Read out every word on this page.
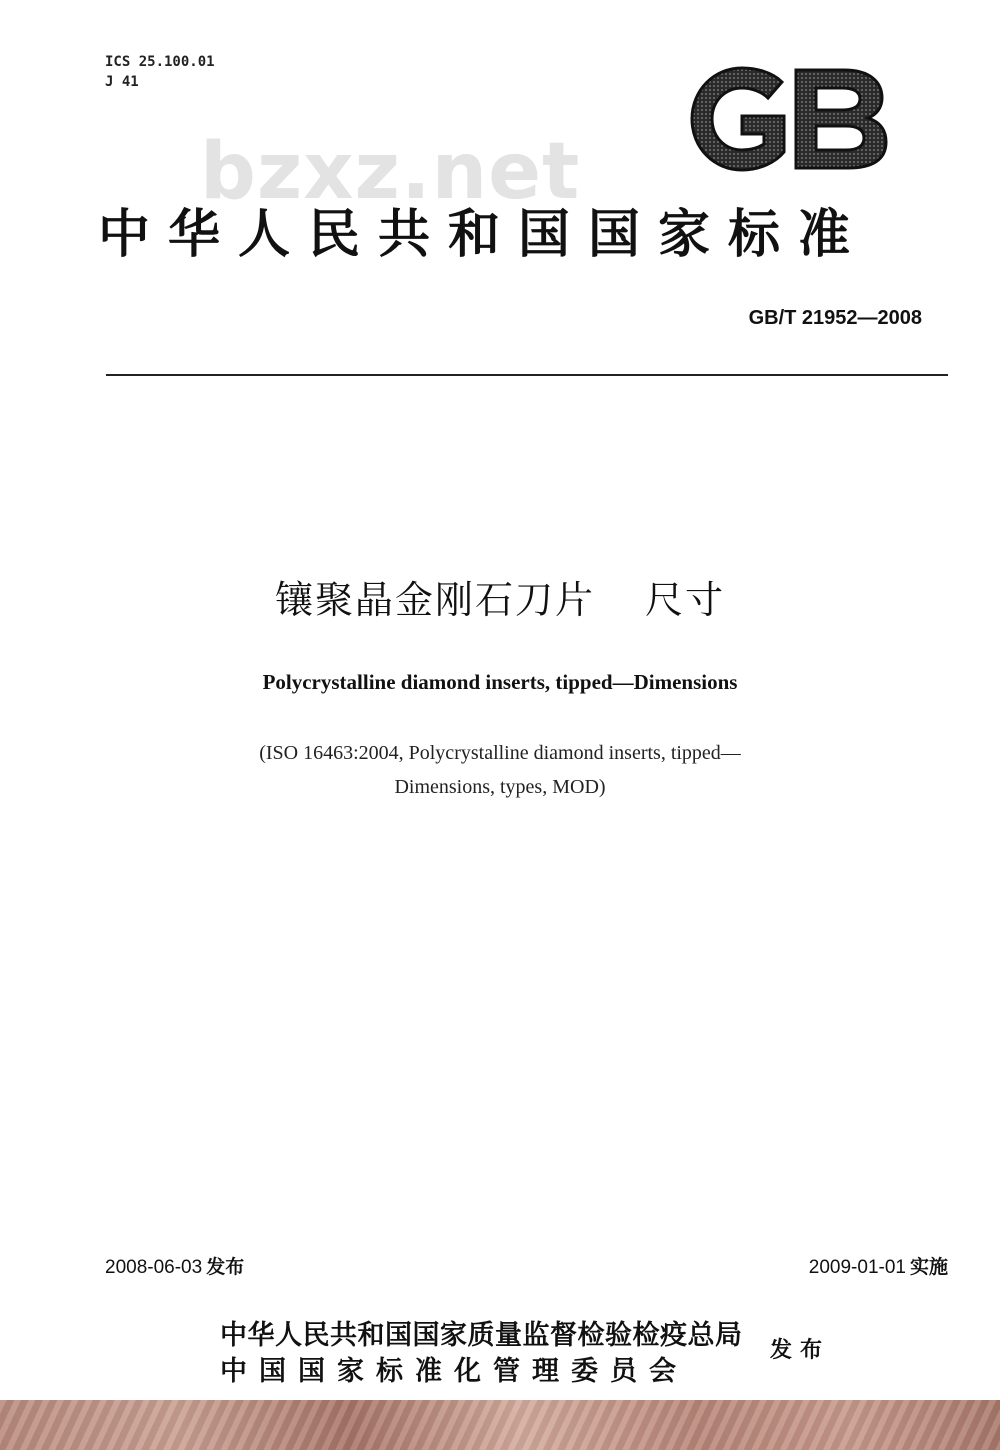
ICS 25.100.01
J 41
bzxz.net
中华人民共和国国家标准
GB/T 21952—2008
镶聚晶金刚石刀片 尺寸
Polycrystalline diamond inserts, tipped—Dimensions
(ISO 16463:2004, Polycrystalline diamond inserts, tipped—
Dimensions, types, MOD)
2008-06-03 发布	2009-01-01 实施
中华人民共和国国家质量监督检验检疫总局
中国国家标准化管理委员会
发布
